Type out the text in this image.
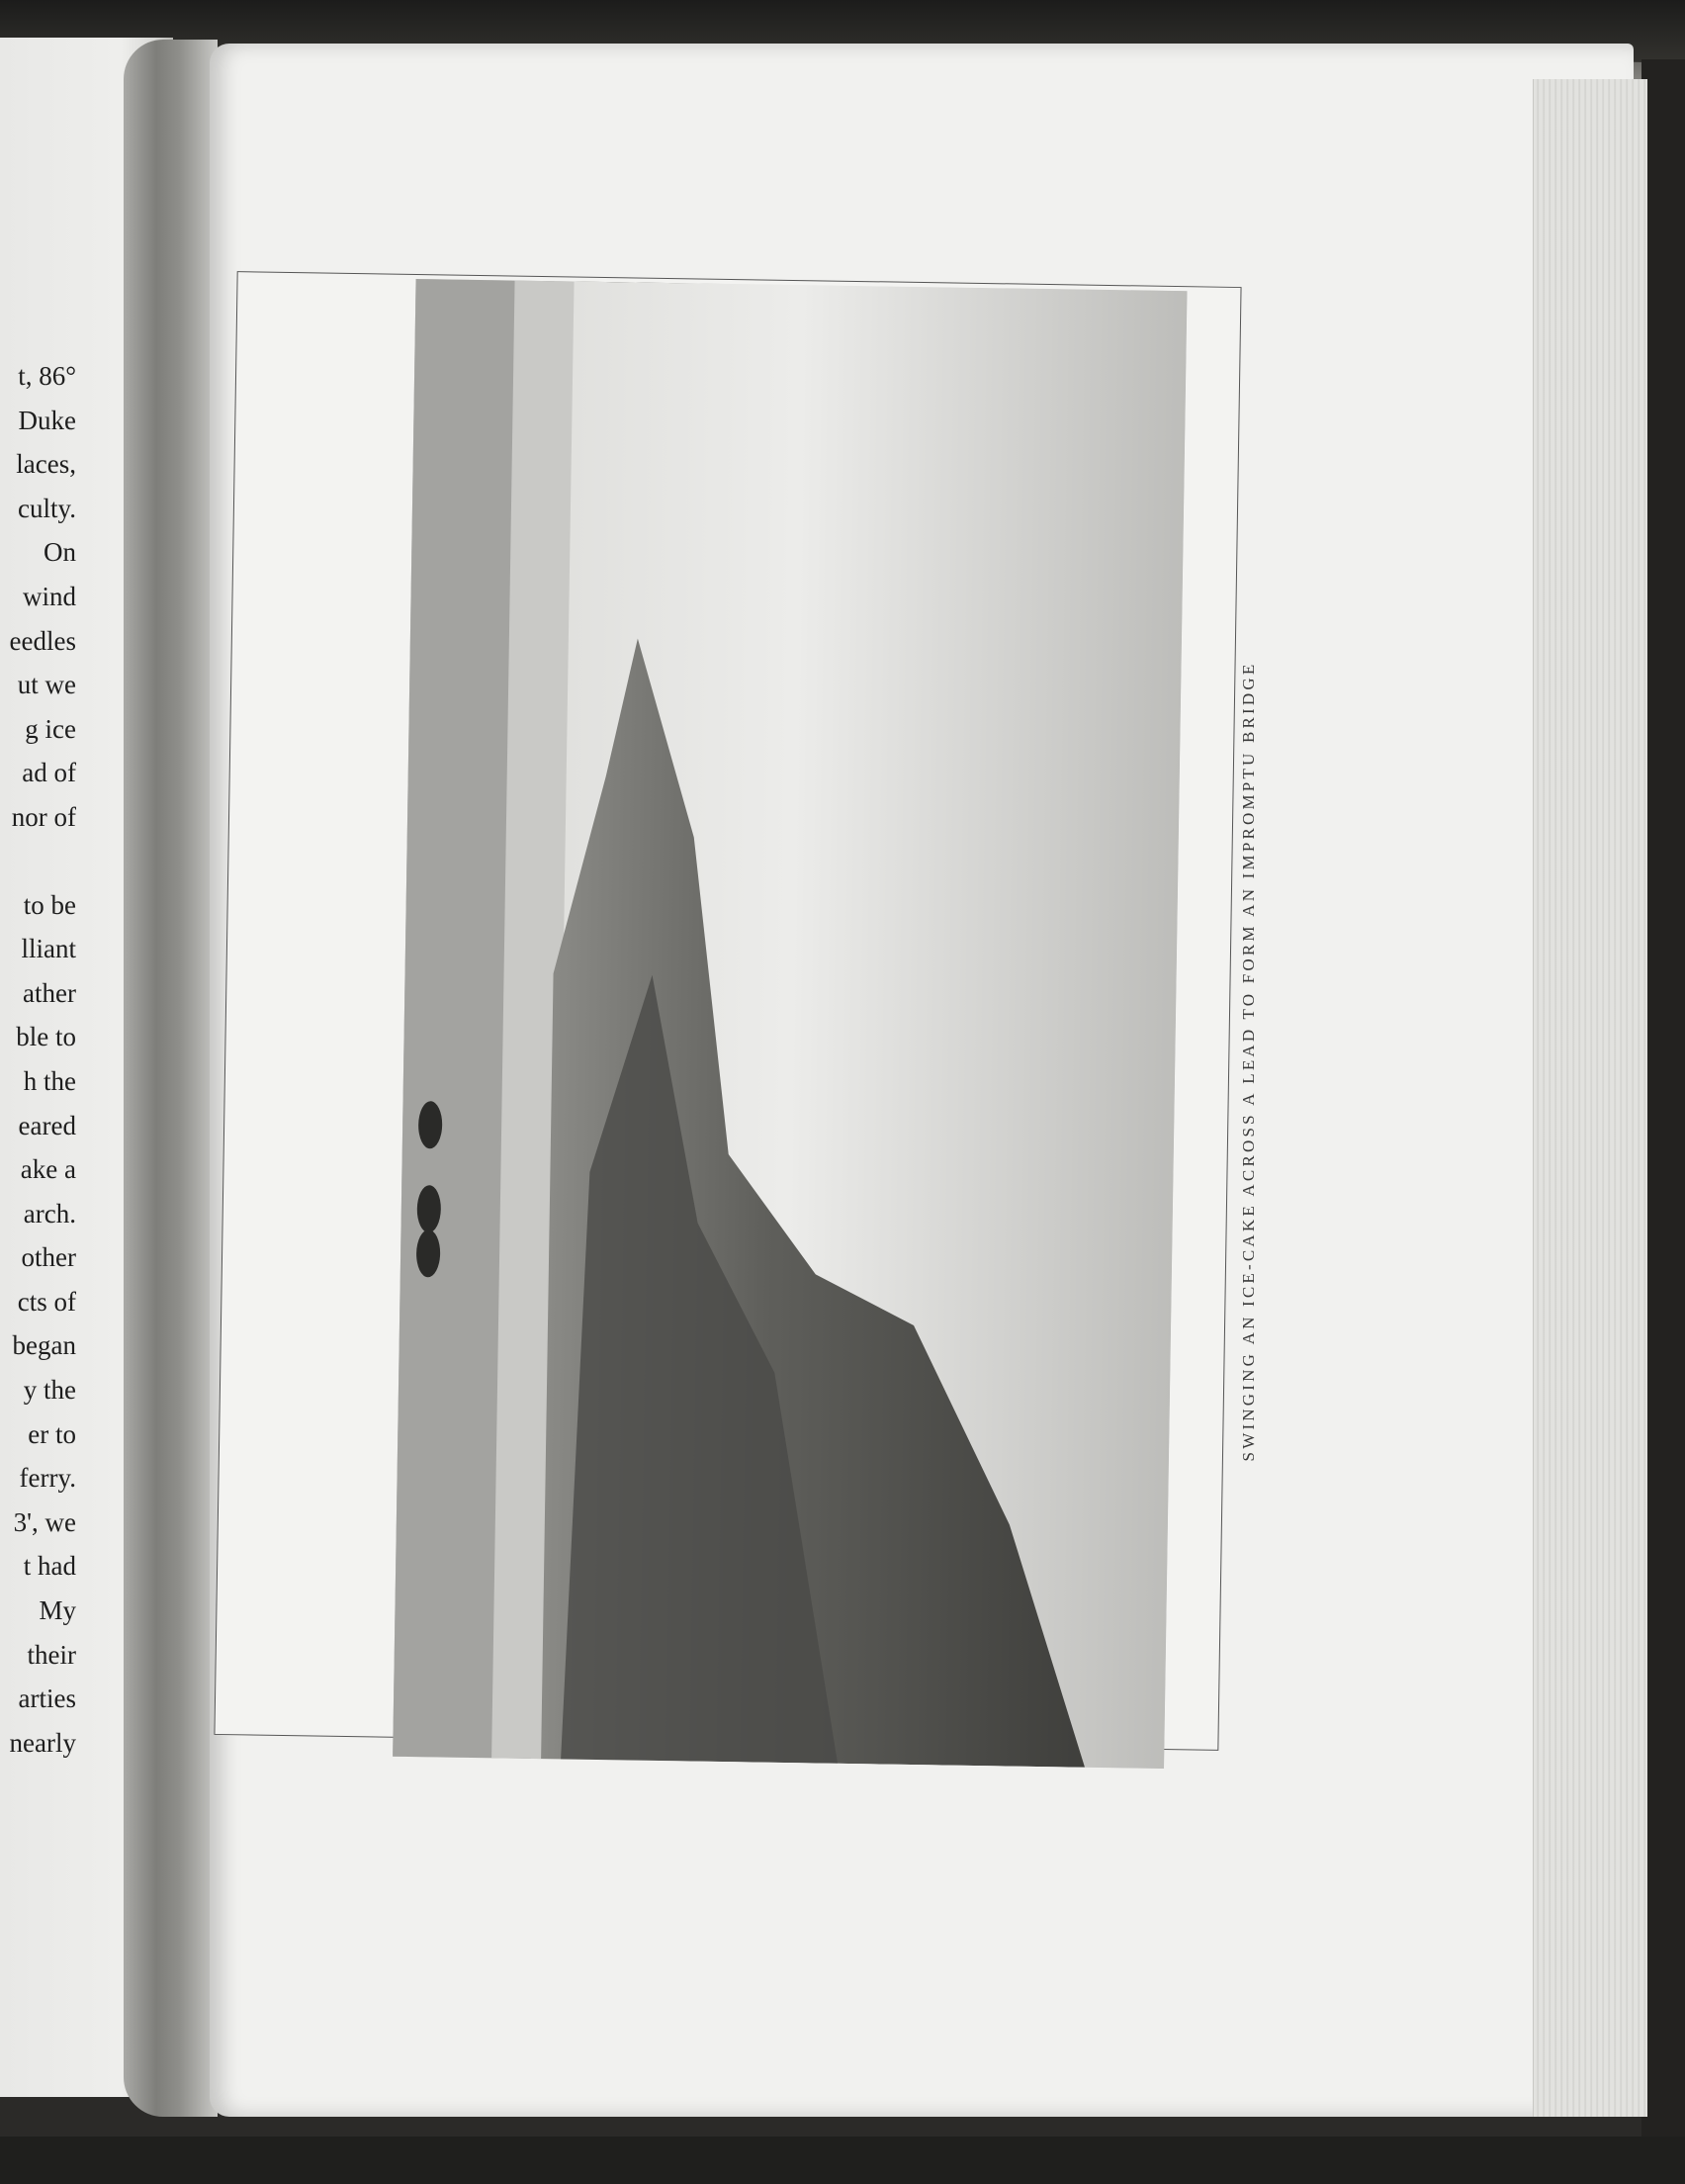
t, 86°
Duke
laces,
culty.
On
wind
eedles
ut we
g ice
ad of
nor of
to be
lliant
ather
ble to
h the
eared
ake a
arch.
other
cts of
began
y the
er to
ferry.
3', we
t had
My
their
arties
nearly
SWINGING AN ICE-CAKE ACROSS A LEAD TO FORM AN IMPROMPTU BRIDGE
